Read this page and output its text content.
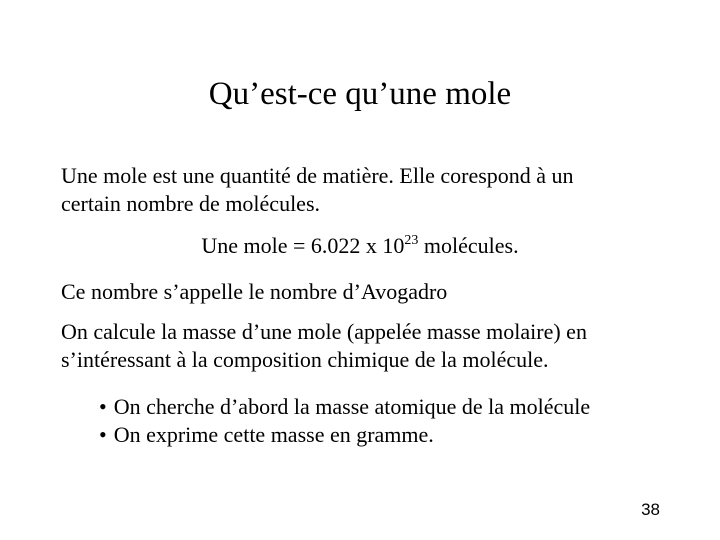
Qu’est-ce qu’une mole
Une mole est une quantité de matière. Elle corespond à un
certain nombre de molécules.
Une mole = 6.022 x $10^{23}$ molécules.
Ce nombre s’appelle le nombre d’Avogadro
On calcule la masse d’une mole (appelée masse molaire) en
s’intéressant à la composition chimique de la molécule.
• On cherche d’abord la masse atomique de la molécule
• On exprime cette masse en gramme.
38
